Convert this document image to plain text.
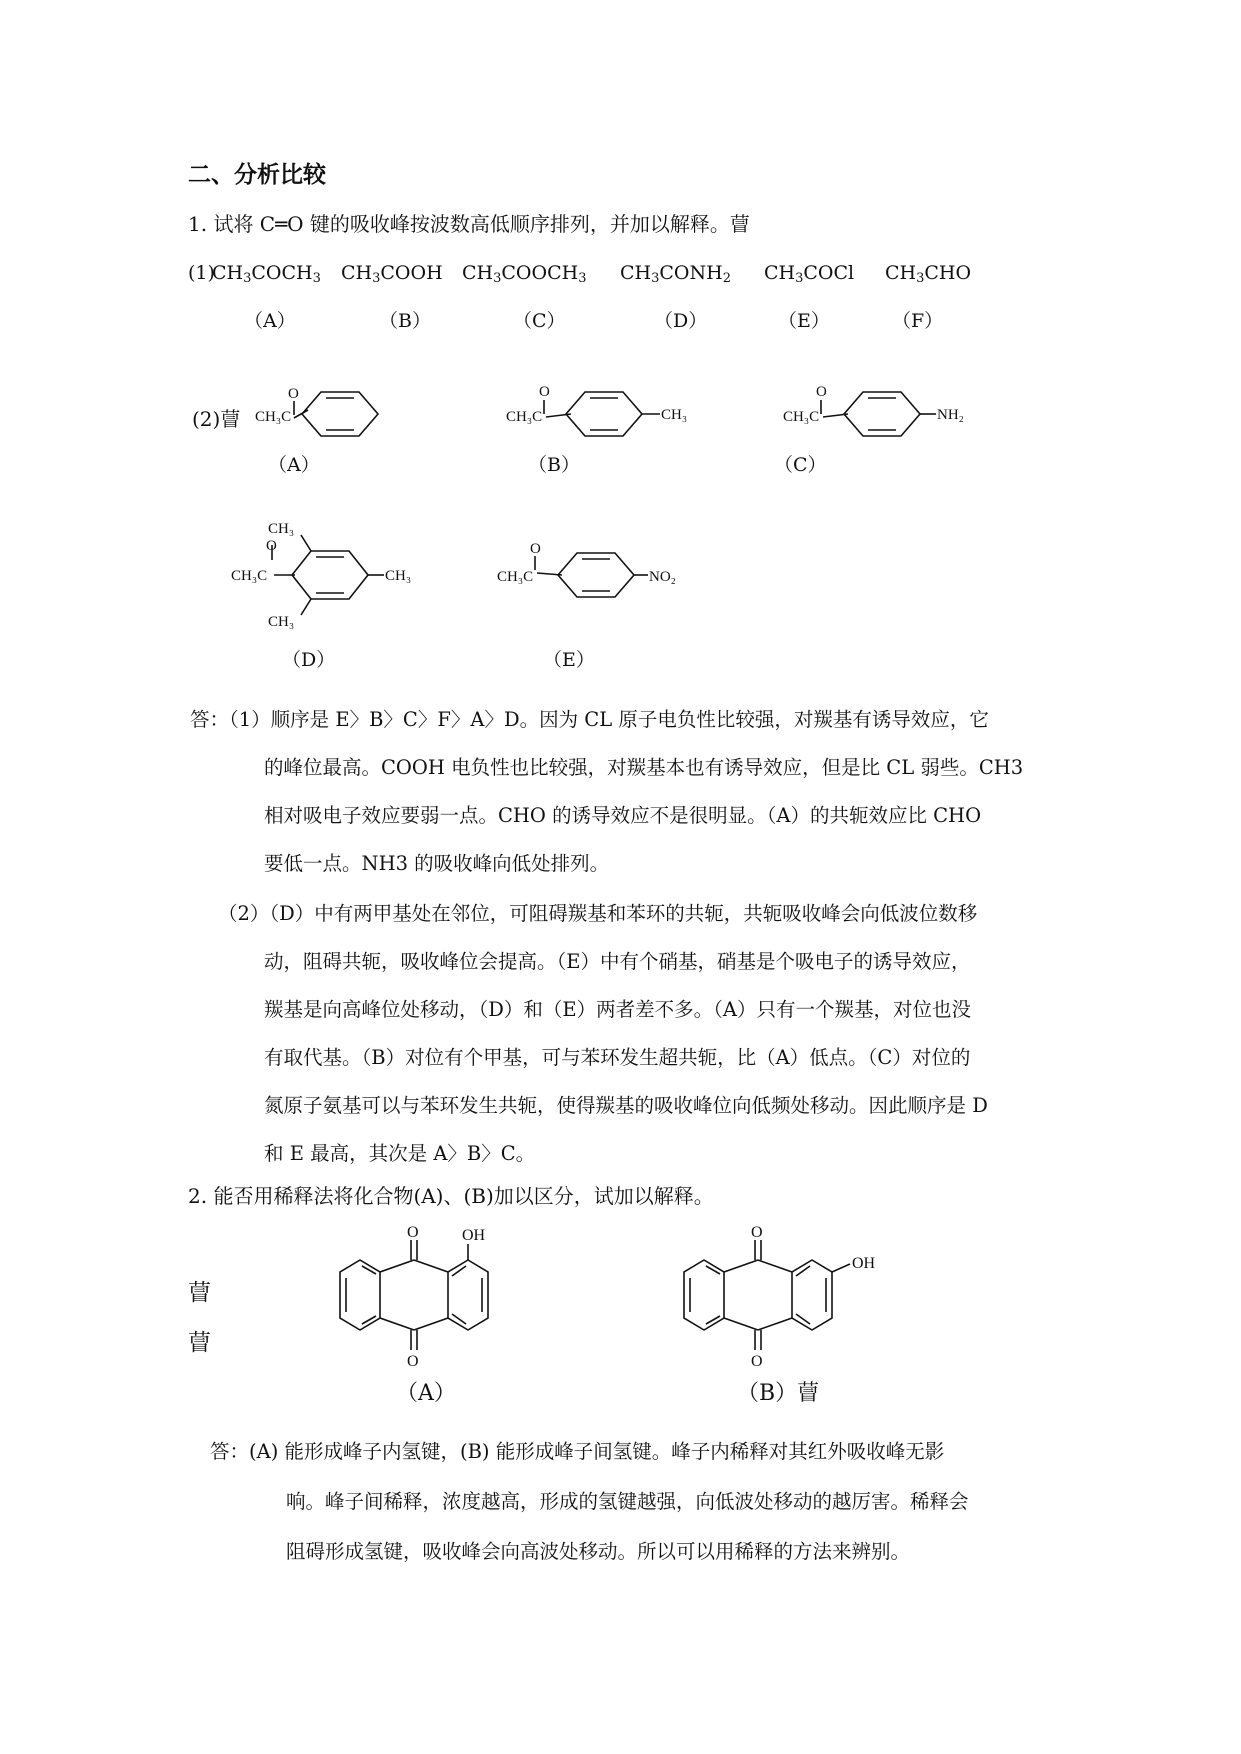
二、分析比较
1. 试将 C═O 键的吸收峰按波数高低顺序排列，并加以解释。萺
(1)
$CH_3COCH_3$ $CH_3COOH$ $CH_3COOCH_3$ $CH_3CONH_2$ $CH_3COCl$ $CH_3CHO$
（A）	（B）	（C）	（D）	（E）	（F）
(2)萺
O
CH₃C
（A）
O
CH₃C	CH₃
（B）
O
CH₃C	NH₂
（C）
O
CH₃C
CH₃
CH₃
CH₃
（D）
O
CH₃C	NO₂
（E）
答：（1）顺序是 E〉B〉C〉F〉A〉D。因为 CL 原子电负性比较强，对羰基有诱导效应，它
的峰位最高。COOH 电负性也比较强，对羰基本也有诱导效应，但是比 CL 弱些。CH3
相对吸电子效应要弱一点。CHO 的诱导效应不是很明显。（A）的共轭效应比 CHO
要低一点。NH3 的吸收峰向低处排列。
（2）（D）中有两甲基处在邻位，可阻碍羰基和苯环的共轭，共轭吸收峰会向低波位数移
动，阻碍共轭，吸收峰位会提高。（E）中有个硝基，硝基是个吸电子的诱导效应，
羰基是向高峰位处移动，（D）和（E）两者差不多。（A）只有一个羰基，对位也没
有取代基。（B）对位有个甲基，可与苯环发生超共轭，比（A）低点。（C）对位的
氮原子氨基可以与苯环发生共轭，使得羰基的吸收峰位向低频处移动。因此顺序是 D
和 E 最高，其次是 A〉B〉C。
2. 能否用稀释法将化合物(A)、(B)加以区分，试加以解释。
萺
萺
O
O
OH
（A）
O
O
OH
（B）萺
答：(A) 能形成峰子内氢键，(B) 能形成峰子间氢键。峰子内稀释对其红外吸收峰无影
响。峰子间稀释，浓度越高，形成的氢键越强，向低波处移动的越厉害。稀释会
阻碍形成氢键，吸收峰会向高波处移动。所以可以用稀释的方法来辨别。
